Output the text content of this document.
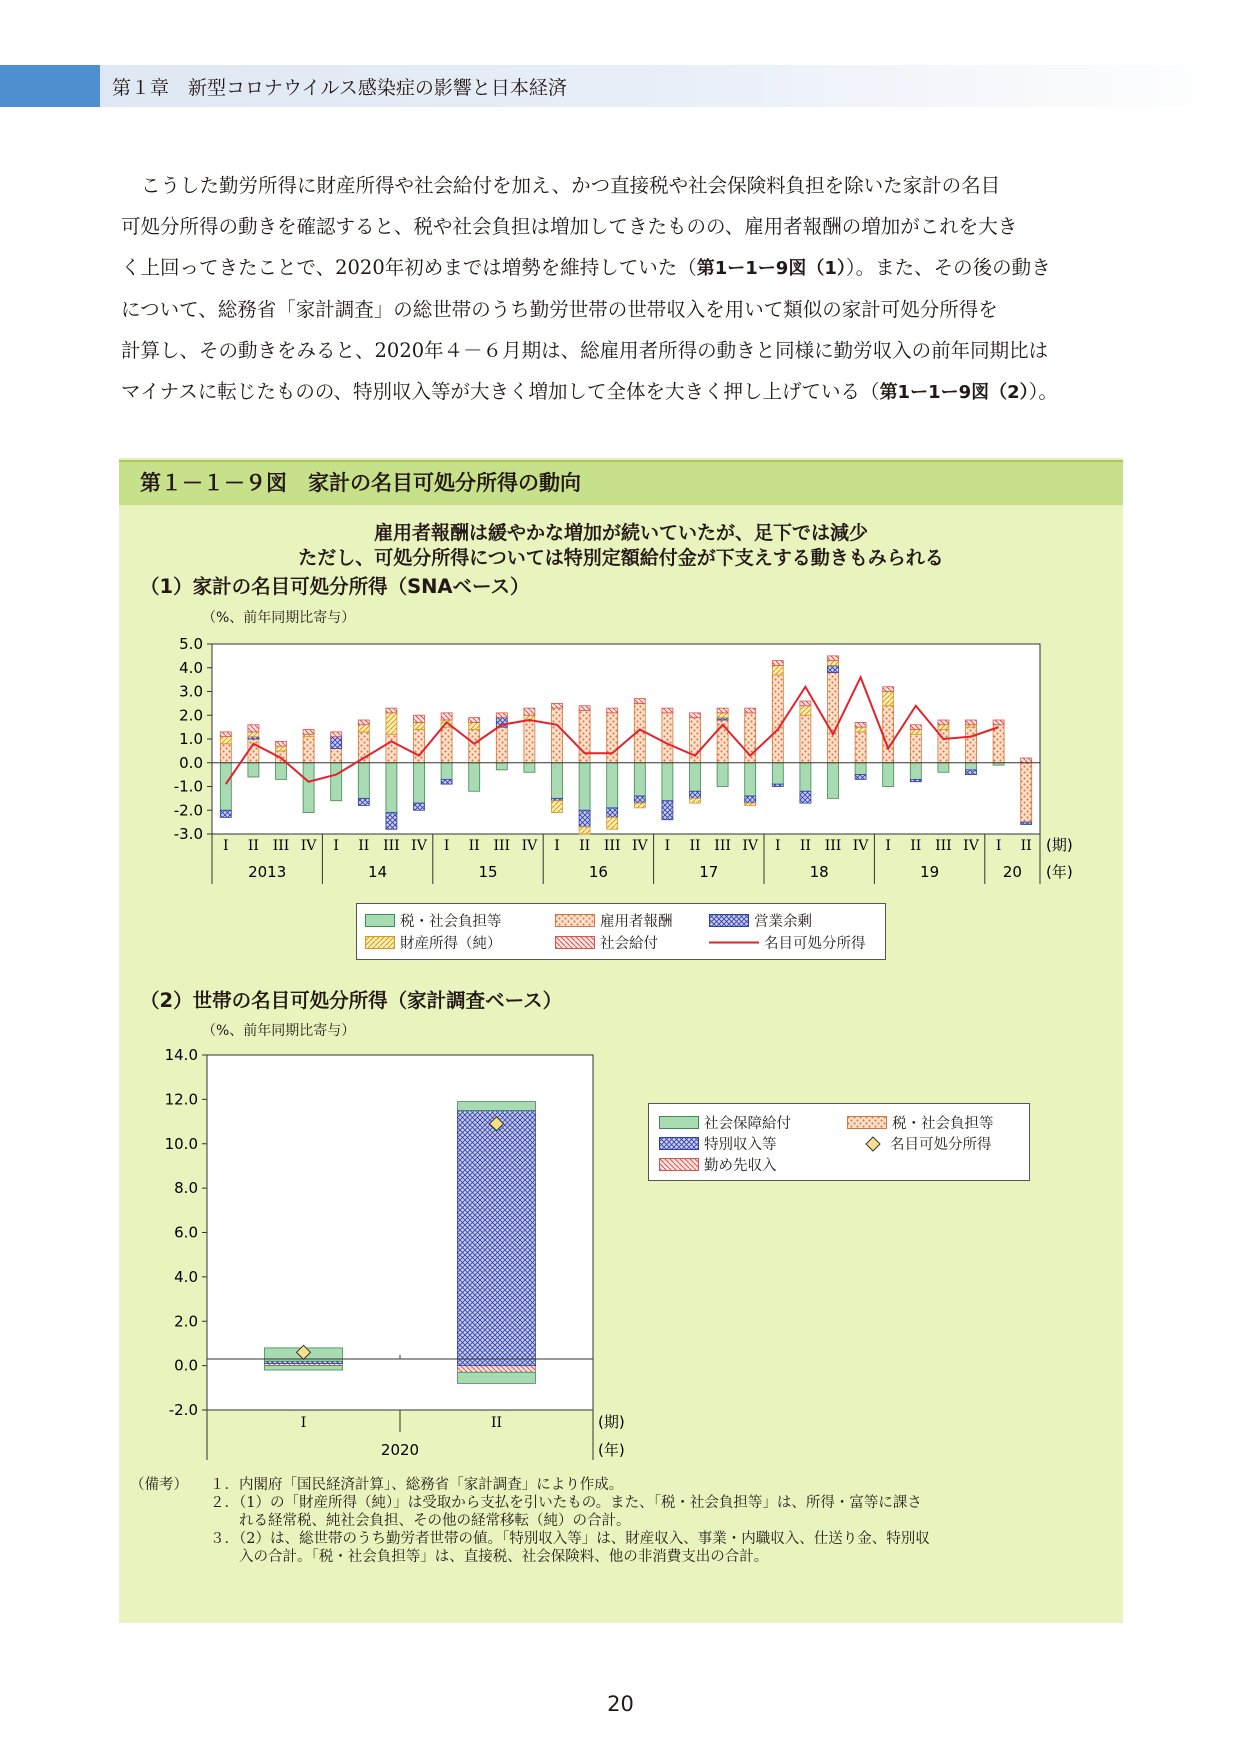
第１章　新型コロナウイルス感染症の影響と日本経済

こうした勤労所得に財産所得や社会給付を加え、かつ直接税や社会保険料負担を除いた家計の名目

可処分所得の動きを確認すると、税や社会負担は増加してきたものの、雇用者報酬の増加がこれを大き

く上回ってきたことで、2020年初めまでは増勢を維持していた（第1ー1ー9図（1））。また、その後の動き

について、総務省「家計調査」の総世帯のうち勤労世帯の世帯収入を用いて類似の家計可処分所得を

計算し、その動きをみると、2020年４－６月期は、総雇用者所得の動きと同様に勤労収入の前年同期比は

マイナスに転じたものの、特別収入等が大きく増加して全体を大きく押し上げている（第1ー1ー9図（2））。

第１－１－９図　家計の名目可処分所得の動向
雇用者報酬は緩やかな増加が続いていたが、足下では減少
ただし、可処分所得については特別定額給付金が下支えする動きもみられる
（1）家計の名目可処分所得（SNAベース）
（%、前年同期比寄与）
5.0
4.0
3.0
2.0
1.0
0.0
-1.0
-2.0
-3.0
I II III IV I II III IV I II III IV I II III IV I II III IV I II III IV I II III IV I II
2013	14	15	16	17	18	19	20
(期)
(年)
税・社会負担等	雇用者報酬	営業余剰
財産所得（純）	社会給付	名目可処分所得
（2）世帯の名目可処分所得（家計調査ベース）
（%、前年同期比寄与）
14.0
12.0
10.0
8.0
6.0
4.0
2.0
0.0
-2.0
I	II
2020
(期)
(年)
社会保障給付	税・社会負担等
特別収入等	名目可処分所得
勤め先収入
（備考） １．内閣府「国民経済計算」、総務省「家計調査」により作成。
２．（1）の「財産所得（純）」は受取から支払を引いたもの。また、「税・社会負担等」は、所得・富等に課さ
　　れる経常税、純社会負担、その他の経常移転（純）の合計。
３．（2）は、総世帯のうち勤労者世帯の値。「特別収入等」は、財産収入、事業・内職収入、仕送り金、特別収
　　入の合計。「税・社会負担等」は、直接税、社会保険料、他の非消費支出の合計。
20
